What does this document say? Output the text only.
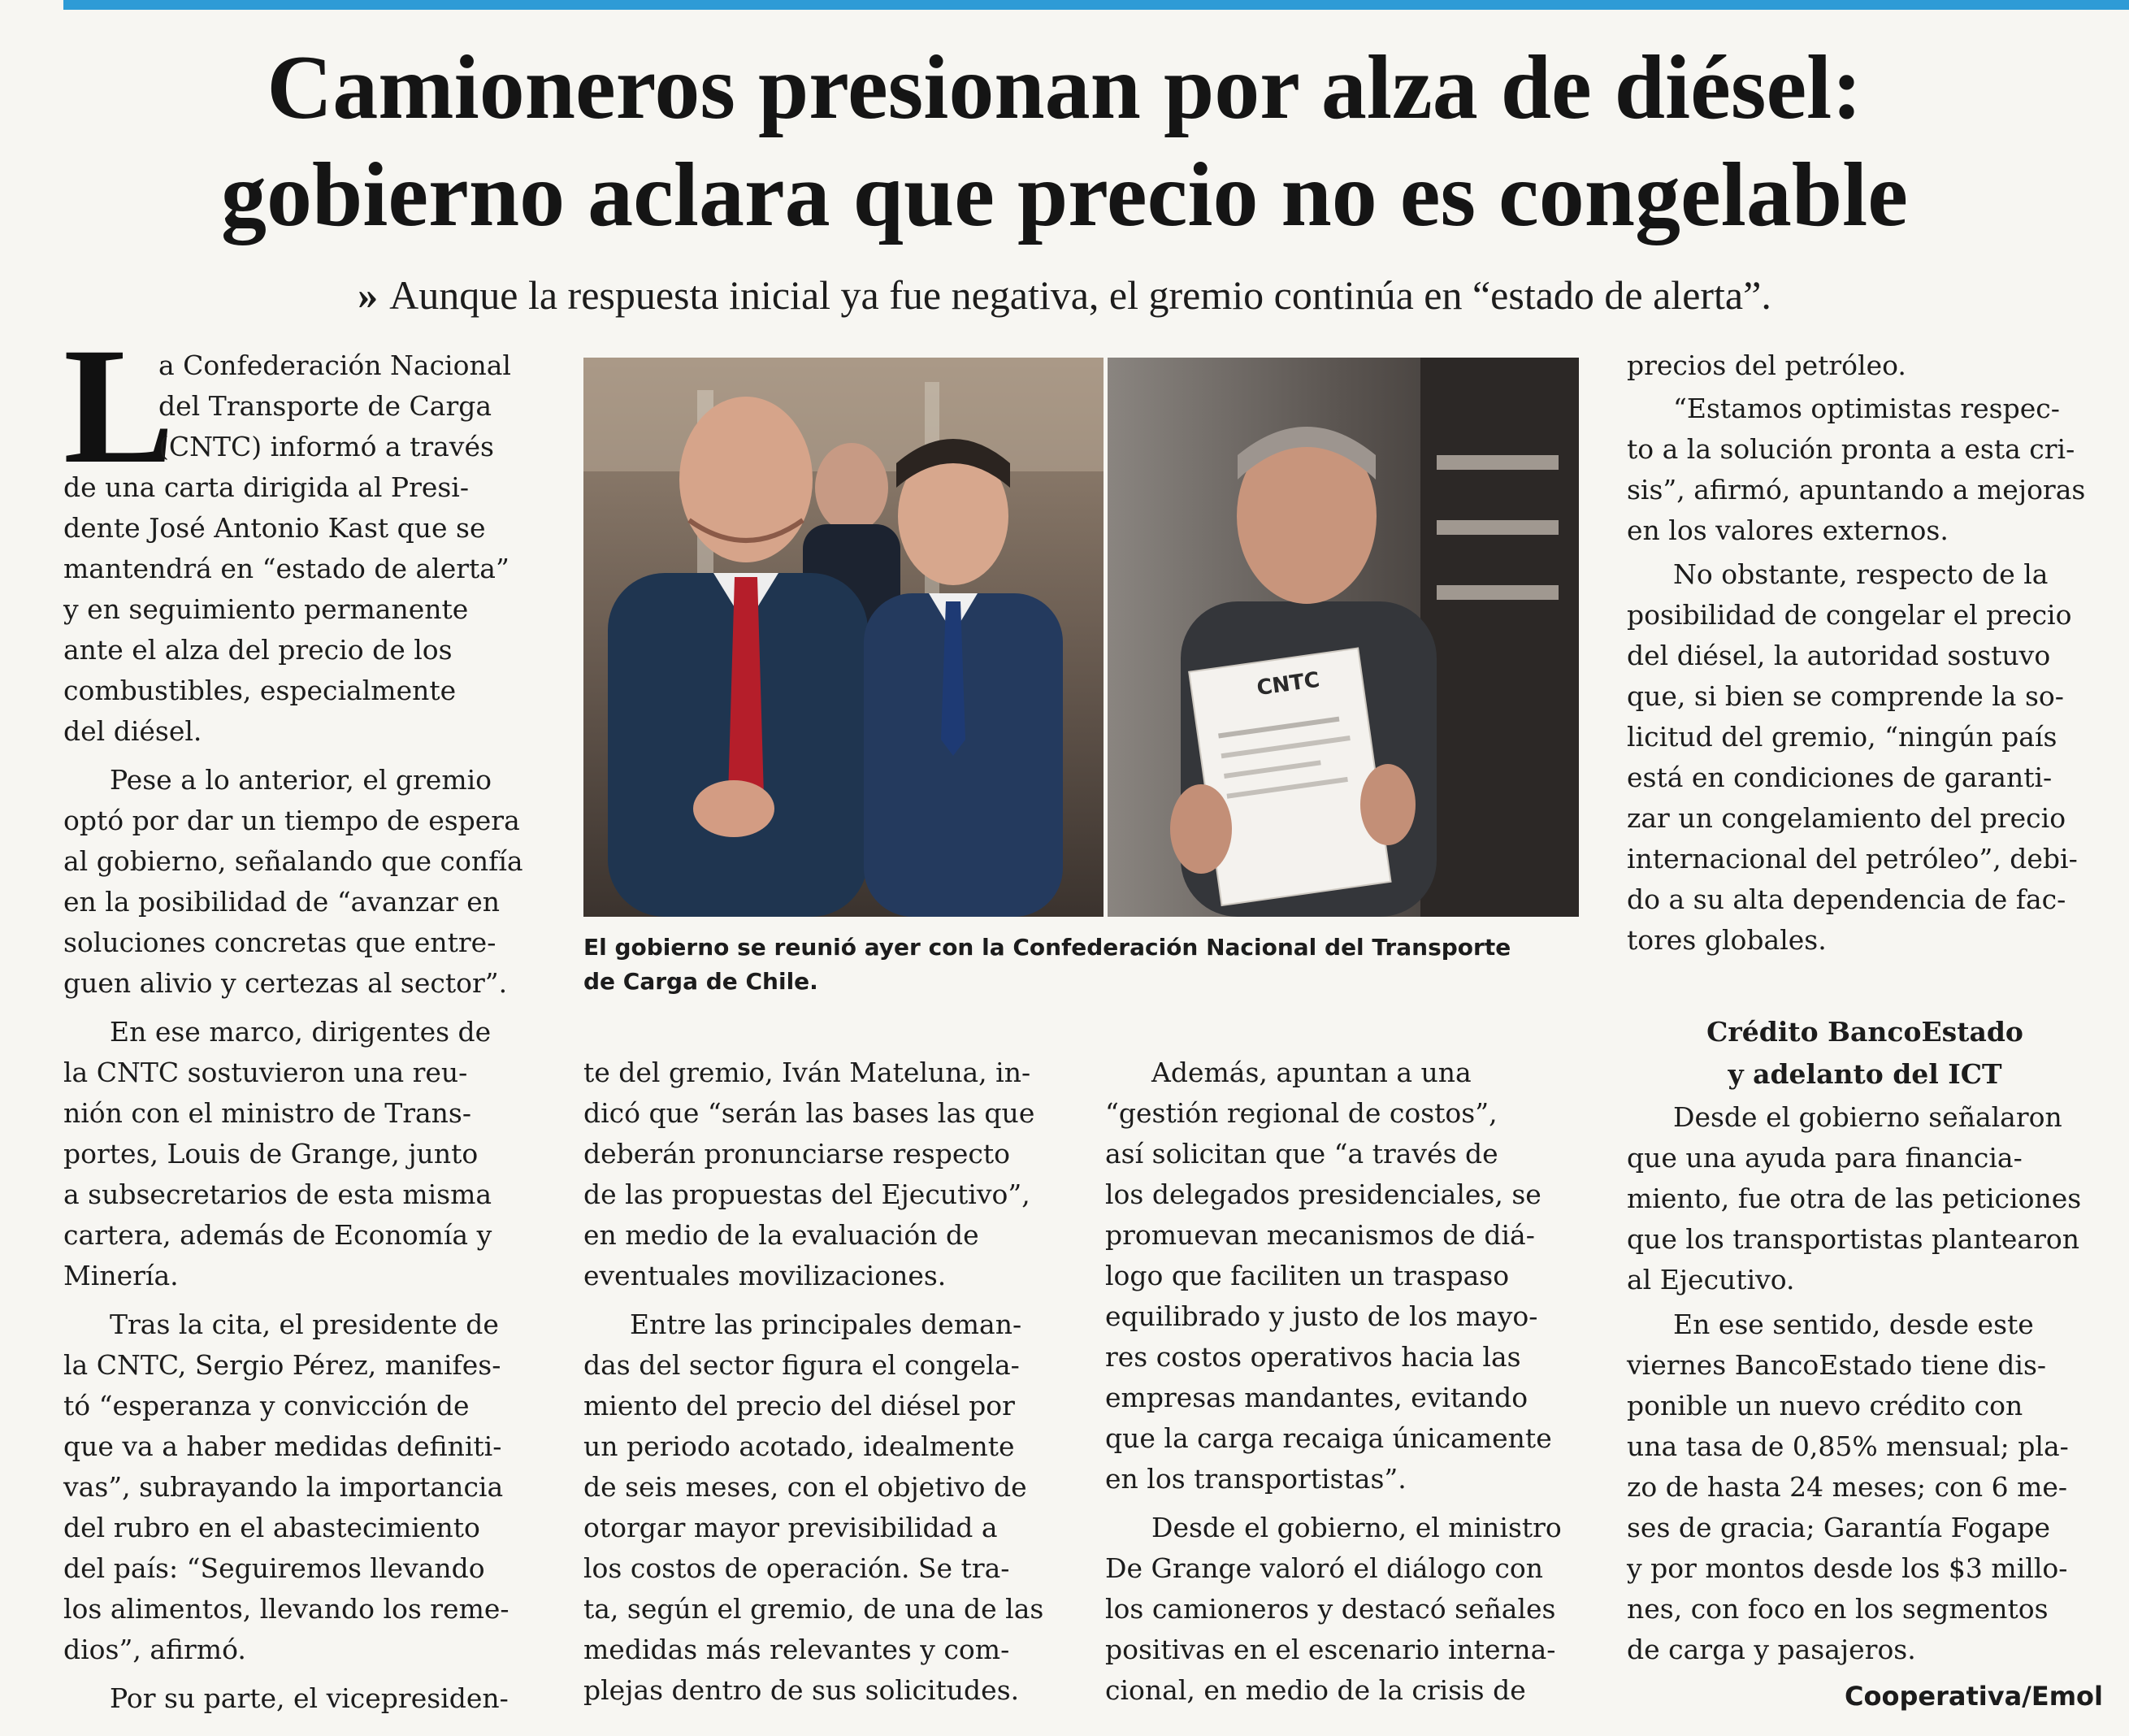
Camioneros presionan por alza de diésel:
gobierno aclara que precio no es congelable
» Aunque la respuesta inicial ya fue negativa, el gremio continúa en “estado de alerta”.
L
a Confederación Nacional
del Transporte de Carga
(CNTC) informó a través
de una carta dirigida al Presi-
dente José Antonio Kast que se
mantendrá en “estado de alerta”
y en seguimiento permanente
ante el alza del precio de los
combustibles, especialmente
del diésel.
Pese a lo anterior, el gremio
optó por dar un tiempo de espera
al gobierno, señalando que confía
en la posibilidad de “avanzar en
soluciones concretas que entre-
guen alivio y certezas al sector”.
En ese marco, dirigentes de
la CNTC sostuvieron una reu-
nión con el ministro de Trans-
portes, Louis de Grange, junto
a subsecretarios de esta misma
cartera, además de Economía y
Minería.
Tras la cita, el presidente de
la CNTC, Sergio Pérez, manifes-
tó “esperanza y convicción de
que va a haber medidas definiti-
vas”, subrayando la importancia
del rubro en el abastecimiento
del país: “Seguiremos llevando
los alimentos, llevando los reme-
dios”, afirmó.
Por su parte, el vicepresiden-
CNTC
El gobierno se reunió ayer con la Confederación Nacional del Transporte
de Carga de Chile.
te del gremio, Iván Mateluna, in-
dicó que “serán las bases las que
deberán pronunciarse respecto
de las propuestas del Ejecutivo”,
en medio de la evaluación de
eventuales movilizaciones.
Entre las principales deman-
das del sector figura el congela-
miento del precio del diésel por
un periodo acotado, idealmente
de seis meses, con el objetivo de
otorgar mayor previsibilidad a
los costos de operación. Se tra-
ta, según el gremio, de una de las
medidas más relevantes y com-
plejas dentro de sus solicitudes.
Además, apuntan a una
“gestión regional de costos”,
así solicitan que “a través de
los delegados presidenciales, se
promuevan mecanismos de diá-
logo que faciliten un traspaso
equilibrado y justo de los mayo-
res costos operativos hacia las
empresas mandantes, evitando
que la carga recaiga únicamente
en los transportistas”.
Desde el gobierno, el ministro
De Grange valoró el diálogo con
los camioneros y destacó señales
positivas en el escenario interna-
cional, en medio de la crisis de
precios del petróleo.
“Estamos optimistas respec-
to a la solución pronta a esta cri-
sis”, afirmó, apuntando a mejoras
en los valores externos.
No obstante, respecto de la
posibilidad de congelar el precio
del diésel, la autoridad sostuvo
que, si bien se comprende la so-
licitud del gremio, “ningún país
está en condiciones de garanti-
zar un congelamiento del precio
internacional del petróleo”, debi-
do a su alta dependencia de fac-
tores globales.
Crédito BancoEstado
y adelanto del ICT
Desde el gobierno señalaron
que una ayuda para financia-
miento, fue otra de las peticiones
que los transportistas plantearon
al Ejecutivo.
En ese sentido, desde este
viernes BancoEstado tiene dis-
ponible un nuevo crédito con
una tasa de 0,85% mensual; pla-
zo de hasta 24 meses; con 6 me-
ses de gracia; Garantía Fogape
y por montos desde los $3 millo-
nes, con foco en los segmentos
de carga y pasajeros.
Cooperativa/Emol
